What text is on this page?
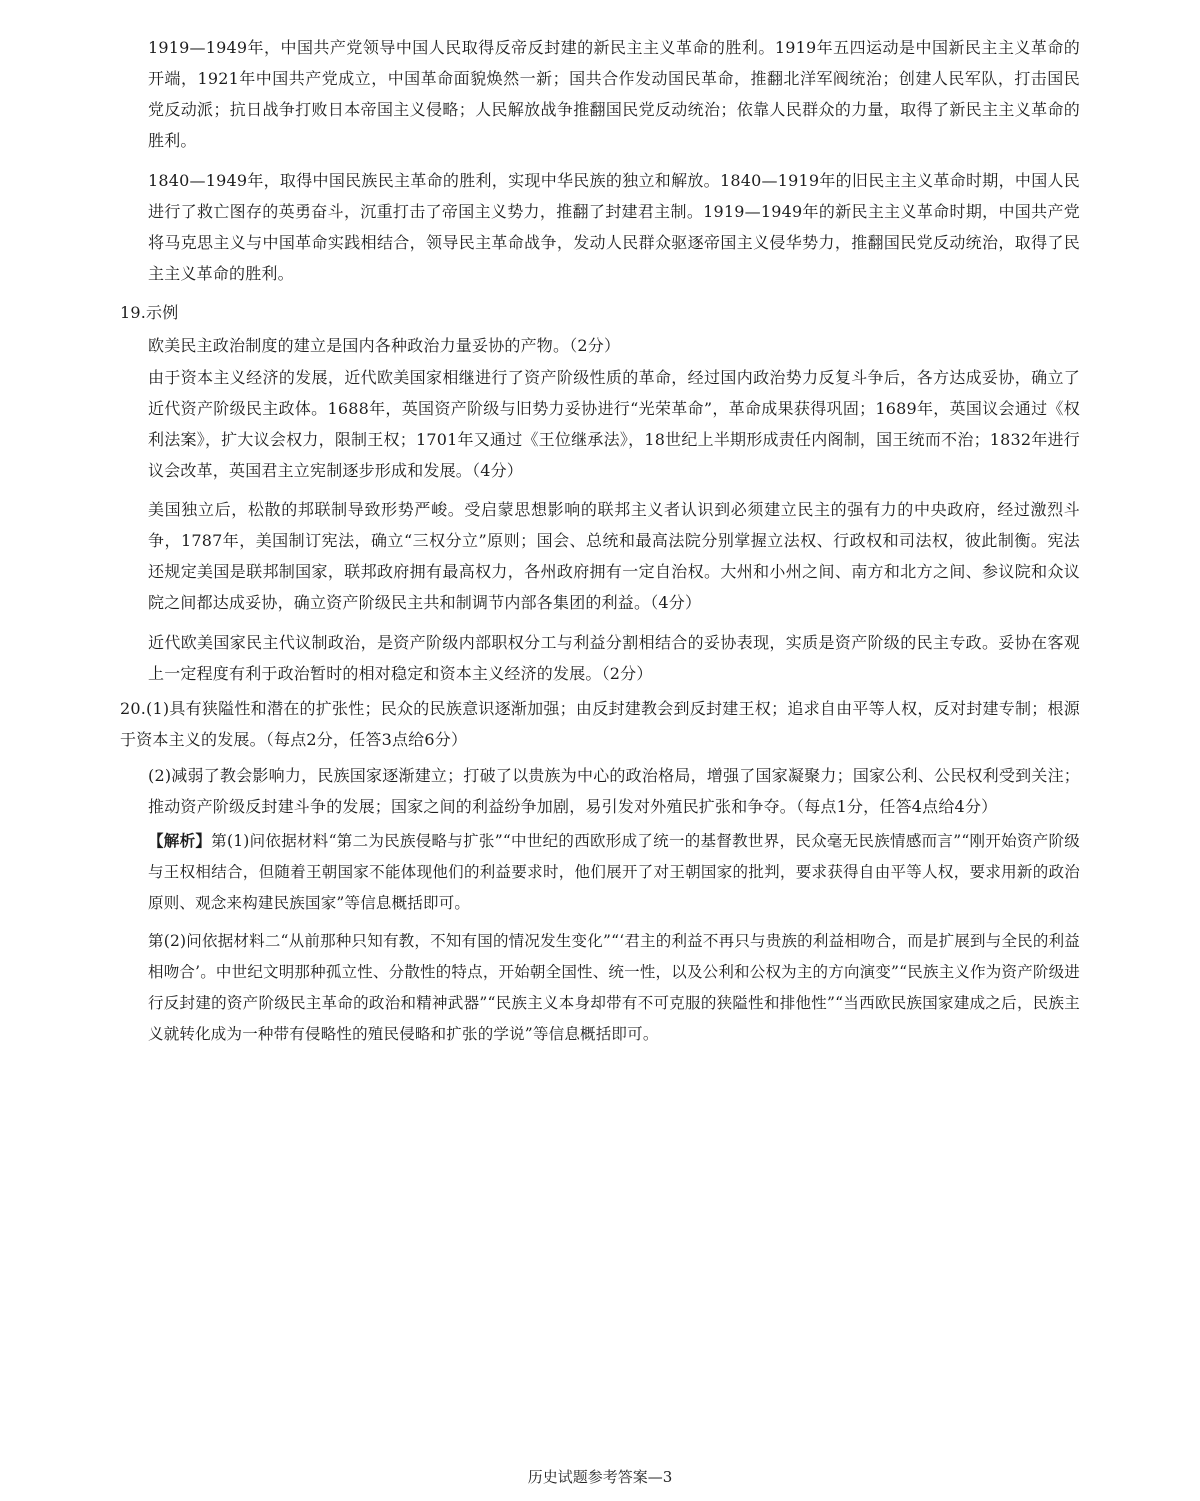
1919—1949年，中国共产党领导中国人民取得反帝反封建的新民主主义革命的胜利。1919年五四运动是中国新民主主义革命的开端，1921年中国共产党成立，中国革命面貌焕然一新；国共合作发动国民革命，推翻北洋军阀统治；创建人民军队，打击国民党反动派；抗日战争打败日本帝国主义侵略；人民解放战争推翻国民党反动统治；依靠人民群众的力量，取得了新民主主义革命的胜利。

1840—1949年，取得中国民族民主革命的胜利，实现中华民族的独立和解放。1840—1919年的旧民主主义革命时期，中国人民进行了救亡图存的英勇奋斗，沉重打击了帝国主义势力，推翻了封建君主制。1919—1949年的新民主主义革命时期，中国共产党将马克思主义与中国革命实践相结合，领导民主革命战争，发动人民群众驱逐帝国主义侵华势力，推翻国民党反动统治，取得了民主主义革命的胜利。

19.示例

欧美民主政治制度的建立是国内各种政治力量妥协的产物。（2分）

由于资本主义经济的发展，近代欧美国家相继进行了资产阶级性质的革命，经过国内政治势力反复斗争后，各方达成妥协，确立了近代资产阶级民主政体。1688年，英国资产阶级与旧势力妥协进行“光荣革命”，革命成果获得巩固；1689年，英国议会通过《权利法案》，扩大议会权力，限制王权；1701年又通过《王位继承法》，18世纪上半期形成责任内阁制，国王统而不治；1832年进行议会改革，英国君主立宪制逐步形成和发展。（4分）

美国独立后，松散的邦联制导致形势严峻。受启蒙思想影响的联邦主义者认识到必须建立民主的强有力的中央政府，经过激烈斗争，1787年，美国制订宪法，确立“三权分立”原则；国会、总统和最高法院分别掌握立法权、行政权和司法权，彼此制衡。宪法还规定美国是联邦制国家，联邦政府拥有最高权力，各州政府拥有一定自治权。大州和小州之间、南方和北方之间、参议院和众议院之间都达成妥协，确立资产阶级民主共和制调节内部各集团的利益。（4分）

近代欧美国家民主代议制政治，是资产阶级内部职权分工与利益分割相结合的妥协表现，实质是资产阶级的民主专政。妥协在客观上一定程度有利于政治暂时的相对稳定和资本主义经济的发展。（2分）

20.(1)具有狭隘性和潜在的扩张性；民众的民族意识逐渐加强；由反封建教会到反封建王权；追求自由平等人权，反对封建专制；根源于资本主义的发展。（每点2分，任答3点给6分）

(2)减弱了教会影响力，民族国家逐渐建立；打破了以贵族为中心的政治格局，增强了国家凝聚力；国家公利、公民权利受到关注；推动资产阶级反封建斗争的发展；国家之间的利益纷争加剧，易引发对外殖民扩张和争夺。（每点1分，任答4点给4分）

【解析】第(1)问依据材料“第二为民族侵略与扩张”“中世纪的西欧形成了统一的基督教世界，民众毫无民族情感而言”“刚开始资产阶级与王权相结合，但随着王朝国家不能体现他们的利益要求时，他们展开了对王朝国家的批判，要求获得自由平等人权，要求用新的政治原则、观念来构建民族国家”等信息概括即可。

第(2)问依据材料二“从前那种只知有教，不知有国的情况发生变化”“‘君主的利益不再只与贵族的利益相吻合，而是扩展到与全民的利益相吻合’。中世纪文明那种孤立性、分散性的特点，开始朝全国性、统一性，以及公利和公权为主的方向演变”“民族主义作为资产阶级进行反封建的资产阶级民主革命的政治和精神武器”“民族主义本身却带有不可克服的狭隘性和排他性”“当西欧民族国家建成之后，民族主义就转化成为一种带有侵略性的殖民侵略和扩张的学说”等信息概括即可。

历史试题参考答案—3
